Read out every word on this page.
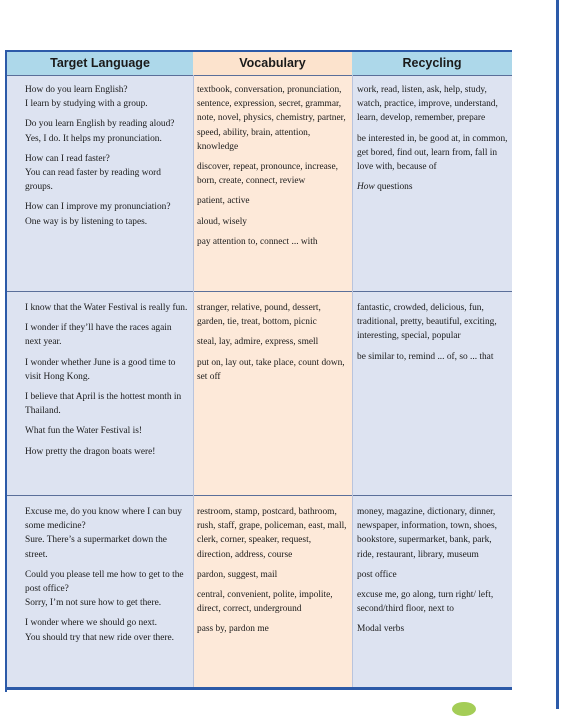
Target Language	Vocabulary	Recycling

How do you learn English?
I learn by studying with a group.

Do you learn English by reading aloud?
Yes, I do. It helps my pronunciation.

How can I read faster?
You can read faster by reading word groups.

How can I improve my pronunciation?
One way is by listening to tapes.

textbook, conversation, pronunciation, sentence, expression, secret, grammar, note, novel, physics, chemistry, partner, speed, ability, brain, attention, knowledge

discover, repeat, pronounce, increase, born, create, connect, review

patient, active

aloud, wisely

pay attention to, connect ... with

work, read, listen, ask, help, study, watch, practice, improve, understand, learn, develop, remember, prepare

be interested in, be good at, in common, get bored, find out, learn from, fall in love with, because of

How questions

I know that the Water Festival is really fun.

I wonder if they’ll have the races again next year.

I wonder whether June is a good time to visit Hong Kong.

I believe that April is the hottest month in Thailand.

What fun the Water Festival is!

How pretty the dragon boats were!

stranger, relative, pound, dessert, garden, tie, treat, bottom, picnic

steal, lay, admire, express, smell

put on, lay out, take place, count down, set off

fantastic, crowded, delicious, fun, traditional, pretty, beautiful, exciting, interesting, special, popular

be similar to, remind ... of, so ... that

Excuse me, do you know where I can buy some medicine?
Sure. There’s a supermarket down the street.

Could you please tell me how to get to the post office?
Sorry, I’m not sure how to get there.

I wonder where we should go next.
You should try that new ride over there.

restroom, stamp, postcard, bathroom, rush, staff, grape, policeman, east, mall, clerk, corner, speaker, request, direction, address, course

pardon, suggest, mail

central, convenient, polite, impolite, direct, correct, underground

pass by, pardon me

money, magazine, dictionary, dinner, newspaper, information, town, shoes, bookstore, supermarket, bank, park, ride, restaurant, library, museum

post office

excuse me, go along, turn right/ left, second/third floor, next to

Modal verbs
